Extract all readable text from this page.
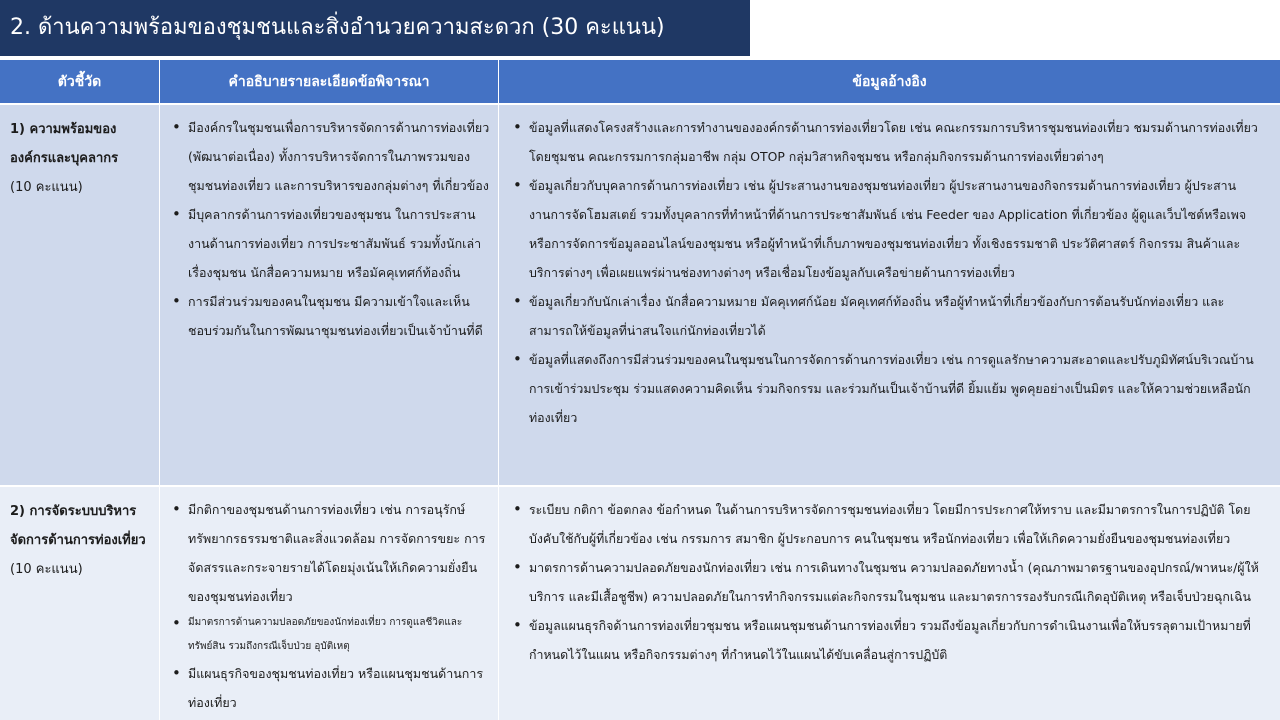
2. ด้านความพร้อมของชุมชนและสิ่งอำนวยความสะดวก (30 คะแนน)
ตัวชี้วัด	คำอธิบายรายละเอียดข้อพิจารณา	ข้อมูลอ้างอิง
1) ความพร้อมขององค์กรและบุคลากร
(10 คะแนน)
• มีองค์กรในชุมชนเพื่อการบริหารจัดการด้านการท่องเที่ยว (พัฒนาต่อเนื่อง) ทั้งการบริหารจัดการในภาพรวมของชุมชนท่องเที่ยว และการบริหารของกลุ่มต่างๆ ที่เกี่ยวข้อง
• มีบุคลากรด้านการท่องเที่ยวของชุมชน ในการประสานงานด้านการท่องเที่ยว การประชาสัมพันธ์ รวมทั้งนักเล่าเรื่องชุมชน นักสื่อความหมาย หรือมัคคุเทศก์ท้องถิ่น
• การมีส่วนร่วมของคนในชุมชน มีความเข้าใจและเห็นชอบร่วมกันในการพัฒนาชุมชนท่องเที่ยวเป็นเจ้าบ้านที่ดี
• ข้อมูลที่แสดงโครงสร้างและการทำงานขององค์กรด้านการท่องเที่ยวโดย เช่น คณะกรรมการบริหารชุมชนท่องเที่ยว ชมรมด้านการท่องเที่ยวโดยชุมชน คณะกรรมการกลุ่มอาชีพ กลุ่ม OTOP กลุ่มวิสาหกิจชุมชน หรือกลุ่มกิจกรรมด้านการท่องเที่ยวต่างๆ
• ข้อมูลเกี่ยวกับบุคลากรด้านการท่องเที่ยว เช่น ผู้ประสานงานของชุมชนท่องเที่ยว ผู้ประสานงานของกิจกรรมด้านการท่องเที่ยว ผู้ประสานงานการจัดโฮมสเตย์ รวมทั้งบุคลากรที่ทำหน้าที่ด้านการประชาสัมพันธ์ เช่น Feeder ของ Application ที่เกี่ยวข้อง ผู้ดูแลเว็บไซต์หรือเพจ หรือการจัดการข้อมูลออนไลน์ของชุมชน หรือผู้ทำหน้าที่เก็บภาพของชุมชนท่องเที่ยว ทั้งเชิงธรรมชาติ ประวัติศาสตร์ กิจกรรม สินค้าและบริการต่างๆ เพื่อเผยแพร่ผ่านช่องทางต่างๆ หรือเชื่อมโยงข้อมูลกับเครือข่ายด้านการท่องเที่ยว
• ข้อมูลเกี่ยวกับนักเล่าเรื่อง นักสื่อความหมาย มัคคุเทศก์น้อย มัคคุเทศก์ท้องถิ่น หรือผู้ทำหน้าที่เกี่ยวข้องกับการต้อนรับนักท่องเที่ยว และสามารถให้ข้อมูลที่น่าสนใจแก่นักท่องเที่ยวได้
• ข้อมูลที่แสดงถึงการมีส่วนร่วมของคนในชุมชนในการจัดการด้านการท่องเที่ยว เช่น การดูแลรักษาความสะอาดและปรับภูมิทัศน์บริเวณบ้านการเข้าร่วมประชุม ร่วมแสดงความคิดเห็น ร่วมกิจกรรม และร่วมกันเป็นเจ้าบ้านที่ดี ยิ้มแย้ม พูดคุยอย่างเป็นมิตร และให้ความช่วยเหลือนักท่องเที่ยว
2) การจัดระบบบริหารจัดการด้านการท่องเที่ยว
(10 คะแนน)
• มีกติกาของชุมชนด้านการท่องเที่ยว เช่น การอนุรักษ์ทรัพยากรธรรมชาติและสิ่งแวดล้อม การจัดการขยะ การจัดสรรและกระจายรายได้โดยมุ่งเน้นให้เกิดความยั่งยืนของชุมชนท่องเที่ยว
• มีมาตรการด้านความปลอดภัยของนักท่องเที่ยว การดูแลชีวิตและทรัพย์สิน รวมถึงกรณีเจ็บป่วย อุบัติเหตุ
• มีแผนธุรกิจของชุมชนท่องเที่ยว หรือแผนชุมชนด้านการท่องเที่ยว
• ระเบียบ กติกา ข้อตกลง ข้อกำหนด ในด้านการบริหารจัดการชุมชนท่องเที่ยว โดยมีการประกาศให้ทราบ และมีมาตรการในการปฏิบัติ โดยบังคับใช้กับผู้ที่เกี่ยวข้อง เช่น กรรมการ สมาชิก ผู้ประกอบการ คนในชุมชน หรือนักท่องเที่ยว เพื่อให้เกิดความยั่งยืนของชุมชนท่องเที่ยว
• มาตรการด้านความปลอดภัยของนักท่องเที่ยว เช่น การเดินทางในชุมชน ความปลอดภัยทางน้ำ (คุณภาพมาตรฐานของอุปกรณ์/พาหนะ/ผู้ให้บริการ และมีเสื้อชูชีพ) ความปลอดภัยในการทำกิจกรรมแต่ละกิจกรรมในชุมชน และมาตรการรองรับกรณีเกิดอุบัติเหตุ หรือเจ็บป่วยฉุกเฉิน
• ข้อมูลแผนธุรกิจด้านการท่องเที่ยวชุมชน หรือแผนชุมชนด้านการท่องเที่ยว รวมถึงข้อมูลเกี่ยวกับการดำเนินงานเพื่อให้บรรลุตามเป้าหมายที่กำหนดไว้ในแผน หรือกิจกรรมต่างๆ ที่กำหนดไว้ในแผนได้ขับเคลื่อนสู่การปฏิบัติ
